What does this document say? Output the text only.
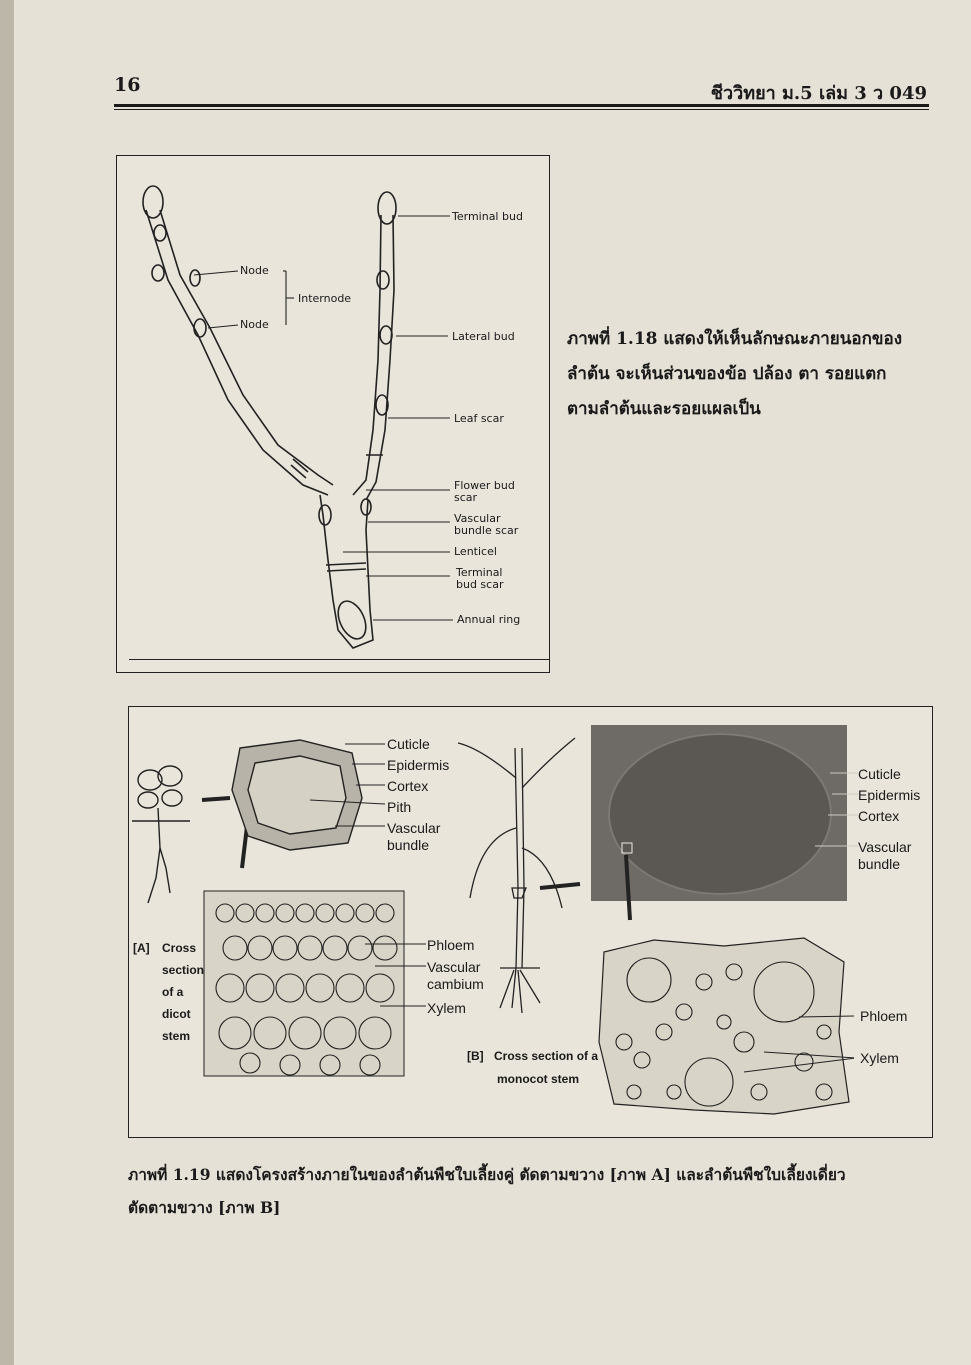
16	ชีววิทยา ม.5 เล่ม 3 ว 049
Terminal bud
Node
Internode
Node
Lateral bud
Leaf scar
Flower bud
scar
Vascular
bundle scar
Lenticel
Terminal
bud scar
Annual ring
ภาพที่ 1.18 แสดงให้เห็นลักษณะภายนอกของ
ลำต้น จะเห็นส่วนของข้อ ปล้อง ตา รอยแตก
ตามลำต้นและรอยแผลเป็น
Cuticle
Epidermis
Cortex
Pith
Vascular
bundle
Phloem
Vascular
cambium
Xylem
[A] Cross
section
of a
dicot
stem
Cuticle
Epidermis
Cortex
Vascular
bundle
Phloem
Xylem
[B] Cross section of a
monocot stem
ภาพที่ 1.19 แสดงโครงสร้างภายในของลำต้นพืชใบเลี้ยงคู่ ตัดตามขวาง [ภาพ A] และลำต้นพืชใบเลี้ยงเดี่ยว
ตัดตามขวาง [ภาพ B]
